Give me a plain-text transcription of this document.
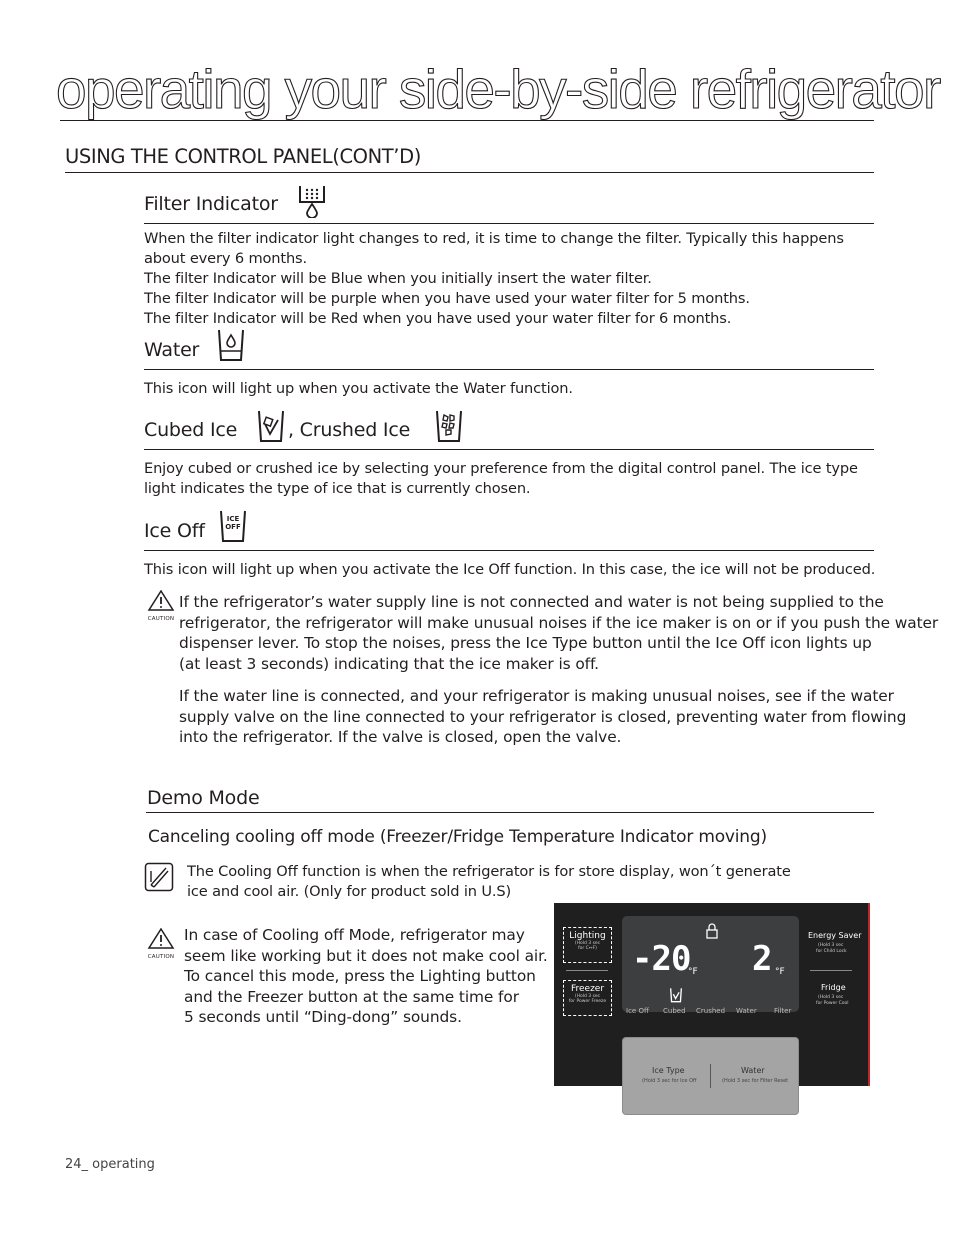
operating your side-by-side refrigerator
USING THE CONTROL PANEL(CONT’D)
Filter Indicator
When the filter indicator light changes to red, it is time to change the filter. Typically this happens
about every 6 months.
The filter Indicator will be Blue when you initially insert the water filter.
The filter Indicator will be purple when you have used your water filter for 5 months.
The filter Indicator will be Red when you have used your water filter for 6 months.
Water
This icon will light up when you activate the Water function.
Cubed Ice	, Crushed Ice
Enjoy cubed or crushed ice by selecting your preference from the digital control panel. The ice type
light indicates the type of ice that is currently chosen.
Ice Off
ICE
OFF
This icon will light up when you activate the Ice Off function. In this case, the ice will not be produced.
CAUTION
If the refrigerator’s water supply line is not connected and water is not being supplied to the
refrigerator, the refrigerator will make unusual noises if the ice maker is on or if you push the water
dispenser lever. To stop the noises, press the Ice Type button until the Ice Off icon lights up
(at least 3 seconds) indicating that the ice maker is off.
If the water line is connected, and your refrigerator is making unusual noises, see if the water
supply valve on the line connected to your refrigerator is closed, preventing water from flowing
into the refrigerator. If the valve is closed, open the valve.
Demo Mode
Canceling cooling off mode (Freezer/Fridge Temperature Indicator moving)
The Cooling Off function is when the refrigerator is for store display, won´t generate
ice and cool air. (Only for product sold in U.S)
CAUTION
In case of Cooling off Mode, refrigerator may
seem like working but it does not make cool air.
To cancel this mode, press the Lighting button
and the Freezer button at the same time for
5 seconds until “Ding-dong” sounds.
Lighting
(Hold 3 sec
for C↔F)
Freezer
(Hold 3 sec
for Power Freeze
-20
°F 2 °F
Ice Off Cubed Crushed Water Filter
Energy Saver
(Hold 3 sec
for Child Lock
Fridge
(Hold 3 sec
for Power Cool
Ice Type
(Hold 3 sec for Ice Off
Water
(Hold 3 sec for Filter Reset
24_ operating
